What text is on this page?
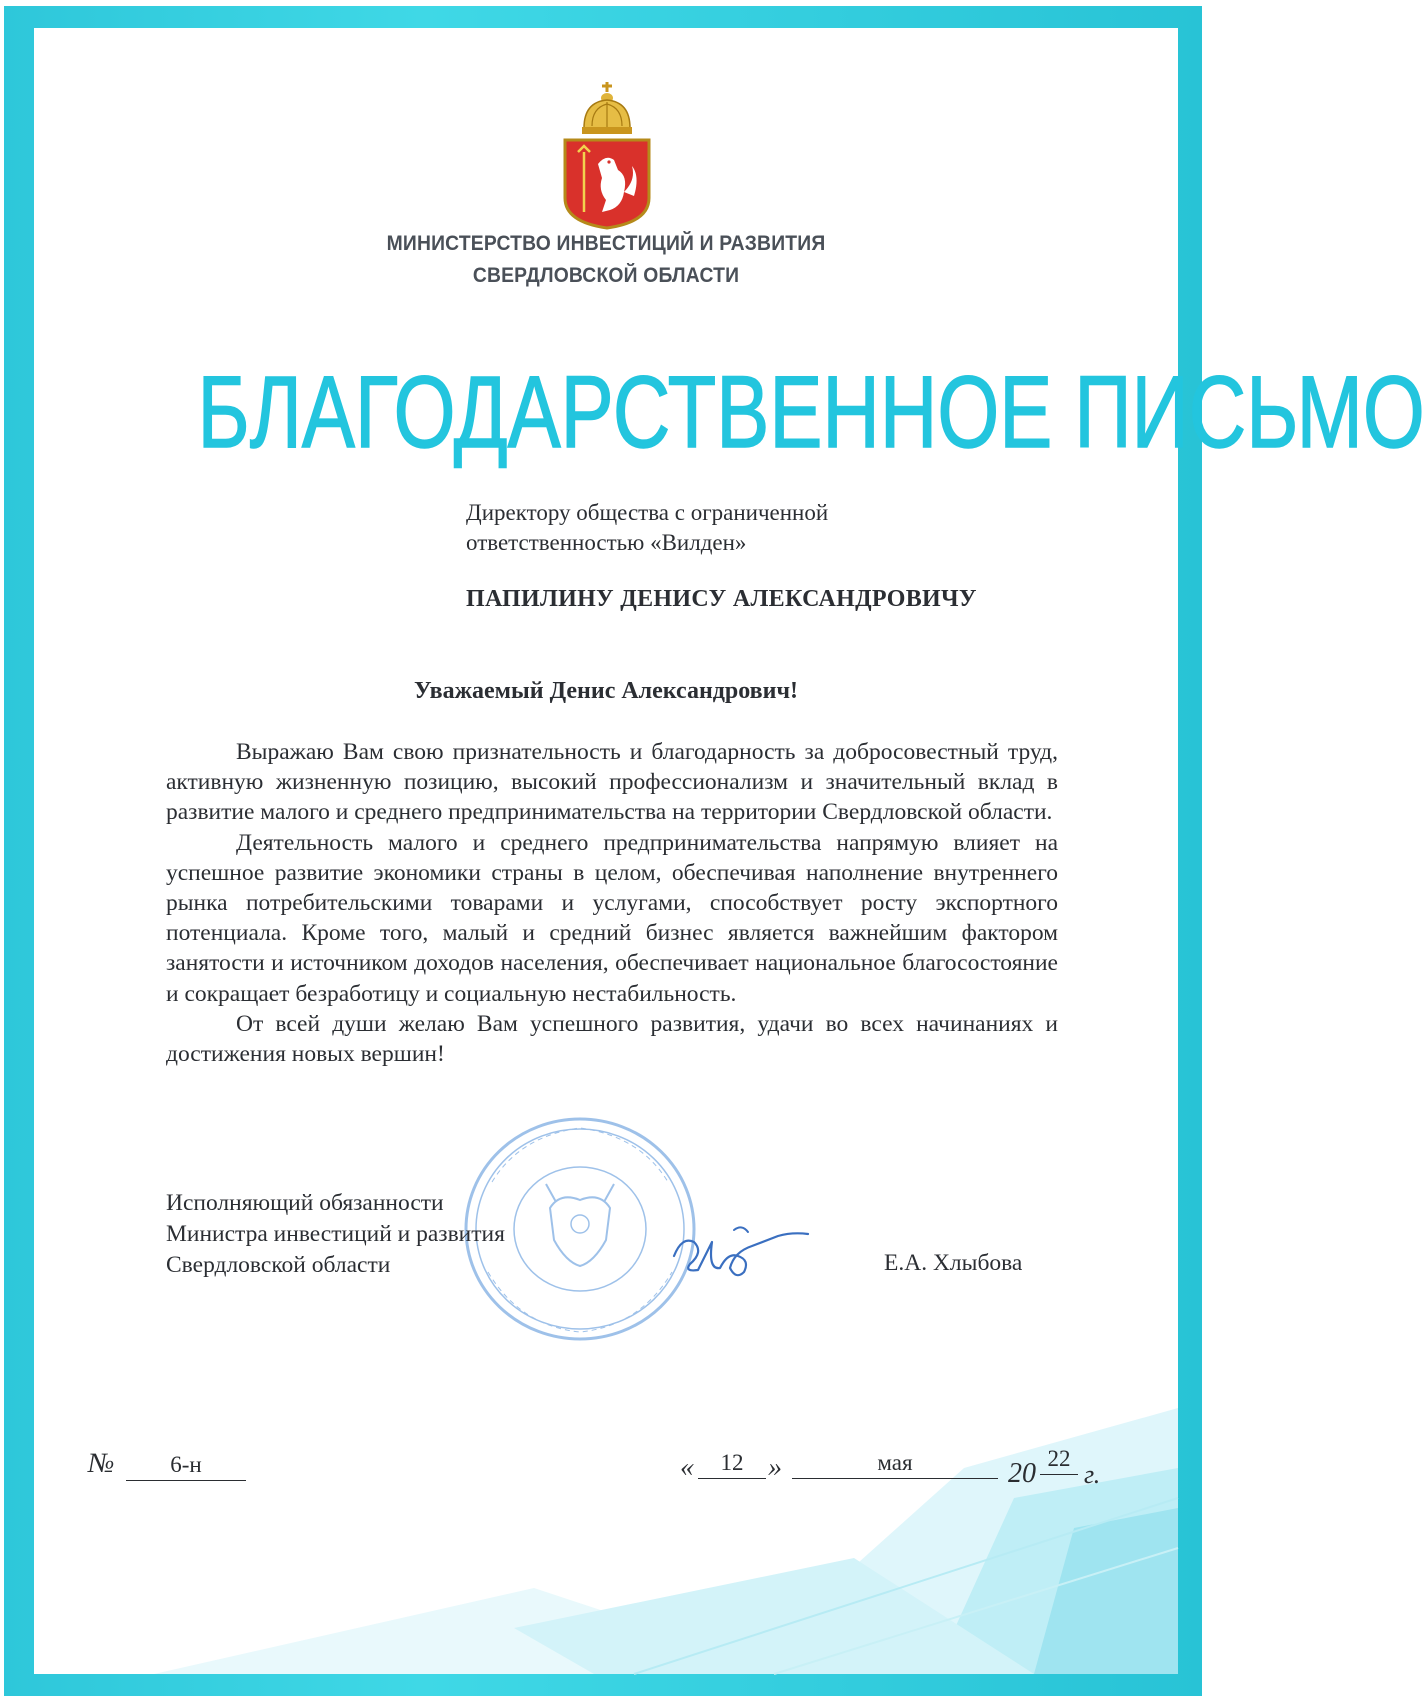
МИНИСТЕРСТВО ИНВЕСТИЦИЙ И РАЗВИТИЯ
СВЕРДЛОВСКОЙ ОБЛАСТИ
БЛАГОДАРСТВЕННОЕ ПИСЬМО
Директору общества с ограниченной
ответственностью «Вилден»
ПАПИЛИНУ ДЕНИСУ АЛЕКСАНДРОВИЧУ
Уважаемый Денис Александрович!

Выражаю Вам свою признательность и благодарность за добросовестный труд, активную жизненную позицию, высокий профессионализм и значительный вклад в развитие малого и среднего предпринимательства на территории Свердловской области.

Деятельность малого и среднего предпринимательства напрямую влияет на успешное развитие экономики страны в целом, обеспечивая наполнение внутреннего рынка потребительскими товарами и услугами, способствует росту экспортного потенциала. Кроме того, малый и средний бизнес является важнейшим фактором занятости и источником доходов населения, обеспечивает национальное благосостояние и сокращает безработицу и социальную нестабильность.

От всей души желаю Вам успешного развития, удачи во всех начинаниях и достижения новых вершин!

Исполняющий обязанности
Министра инвестиций и развития
Свердловской области	Е.А. Хлыбова
№	6-н	«	12 »	мая	20 22
г.
